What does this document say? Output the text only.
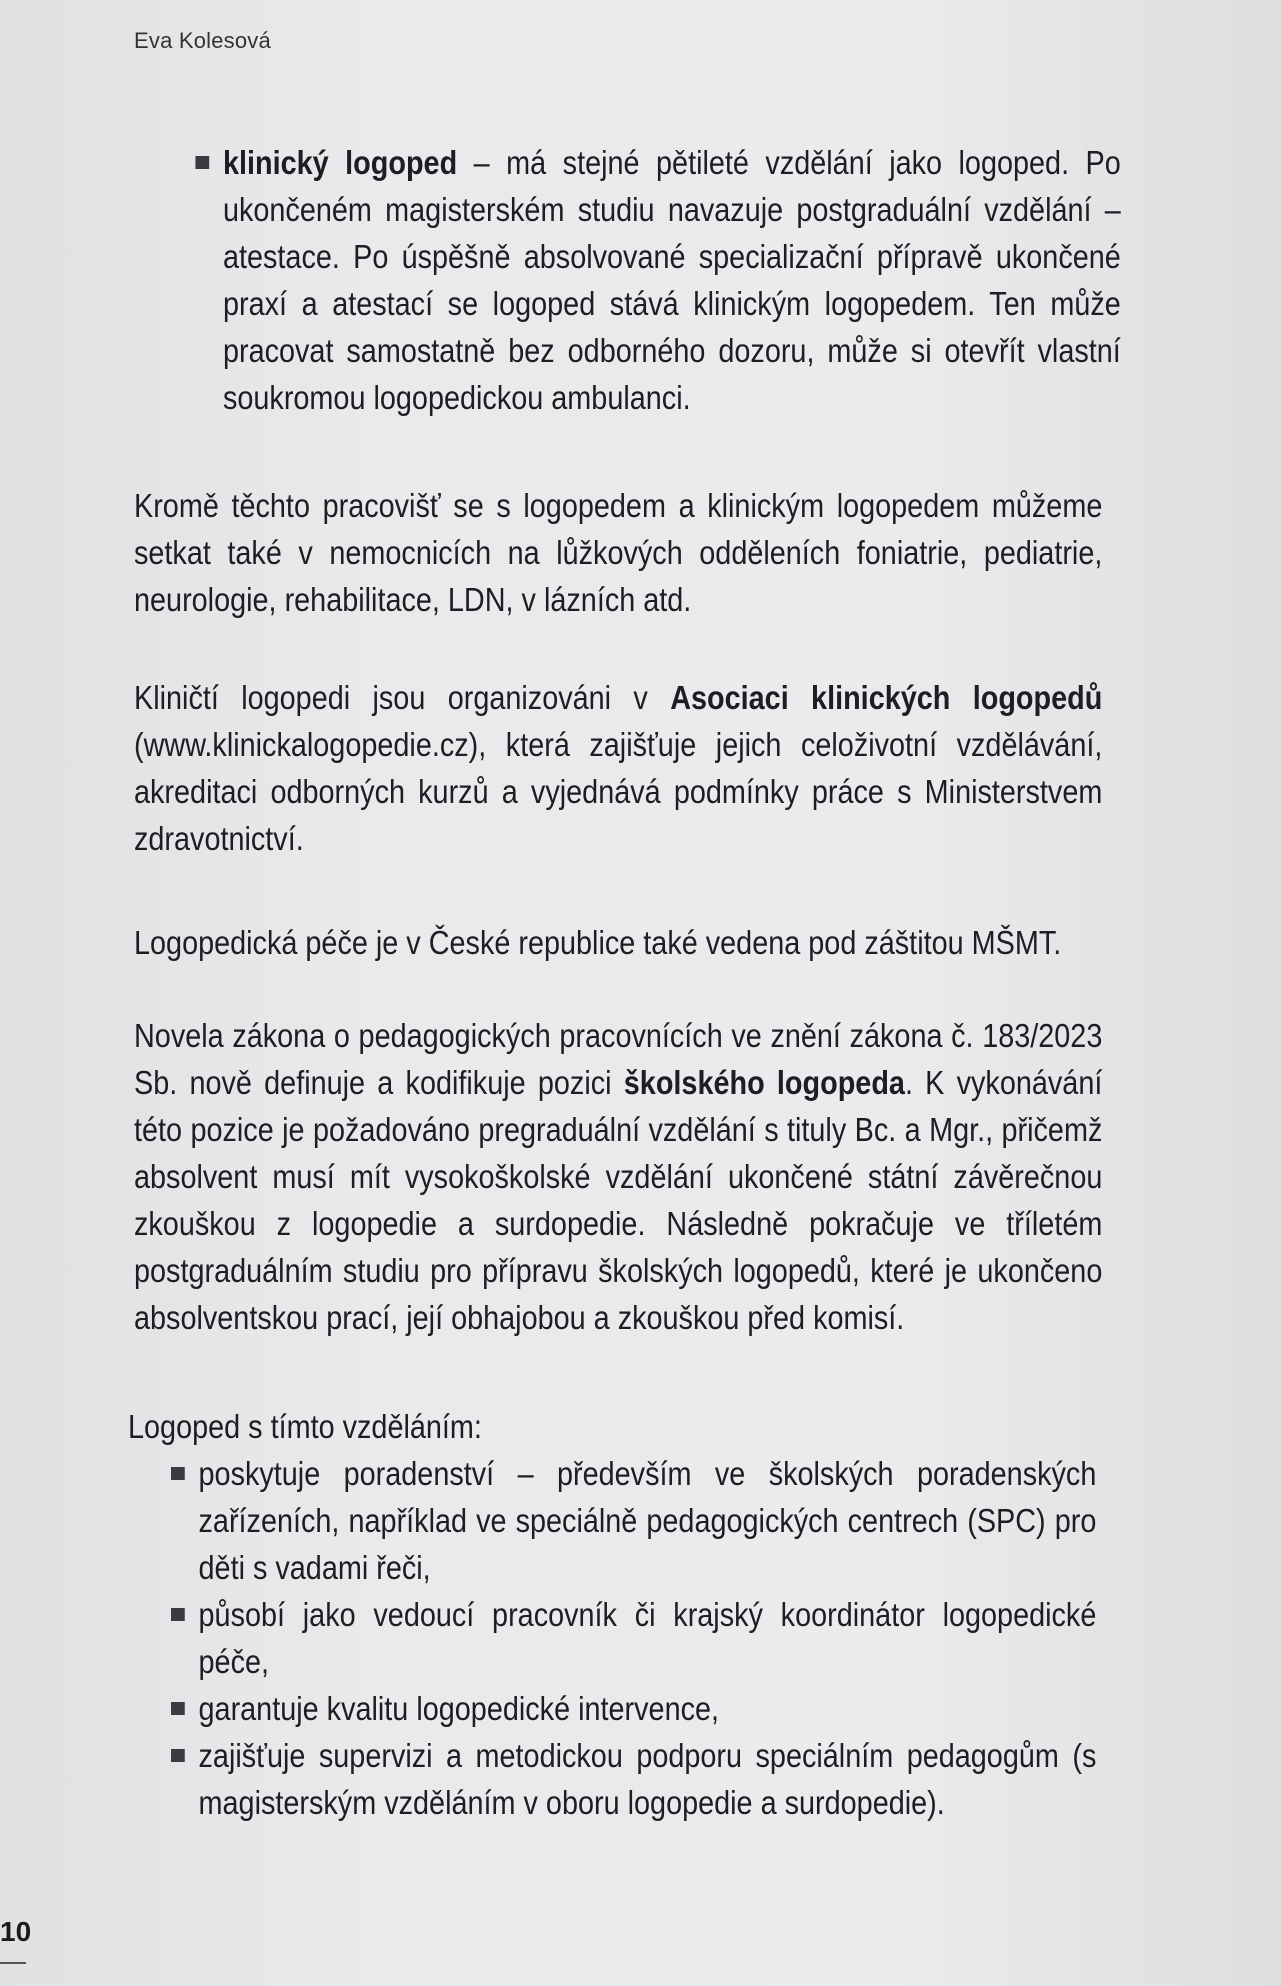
Eva Kolesová
klinický logoped – má stejné pětileté vzdělání jako logoped. Po ukončeném magisterském studiu navazuje postgraduální vzdělání – atestace. Po úspěšně absolvované specializační přípravě ukončené praxí a atestací se logoped stává klinickým logopedem. Ten může pracovat samostatně bez odborného dozoru, může si otevřít vlastní soukromou logopedickou ambulanci.

Kromě těchto pracovišť se s logopedem a klinickým logopedem můžeme setkat také v nemocnicích na lůžkových odděleních foniatrie, pediatrie, neurologie, rehabilitace, LDN, v lázních atd.

Kliničtí logopedi jsou organizováni v Asociaci klinických logopedů (www.klinickalogopedie.cz), která zajišťuje jejich celoživotní vzdělávání, akreditaci odborných kurzů a vyjednává podmínky práce s Ministerstvem zdravotnictví.

Logopedická péče je v České republice také vedena pod záštitou MŠMT.

Novela zákona o pedagogických pracovnících ve znění zákona č. 183/2023 Sb. nově definuje a kodifikuje pozici školského logopeda. K vykonávání této pozice je požadováno pregraduální vzdělání s tituly Bc. a Mgr., přičemž absolvent musí mít vysokoškolské vzdělání ukončené státní závěrečnou zkouškou z logopedie a surdopedie. Následně pokračuje ve tříletém postgraduálním studiu pro přípravu školských logopedů, které je ukončeno absolventskou prací, její obhajobou a zkouškou před komisí.

Logoped s tímto vzděláním:

poskytuje poradenství – především ve školských poradenských zařízeních, například ve speciálně pedagogických centrech (SPC) pro děti s vadami řeči,
působí jako vedoucí pracovník či krajský koordinátor logopedické péče,
garantuje kvalitu logopedické intervence,
zajišťuje supervizi a metodickou podporu speciálním pedagogům (s magisterským vzděláním v oboru logopedie a surdopedie).
10
